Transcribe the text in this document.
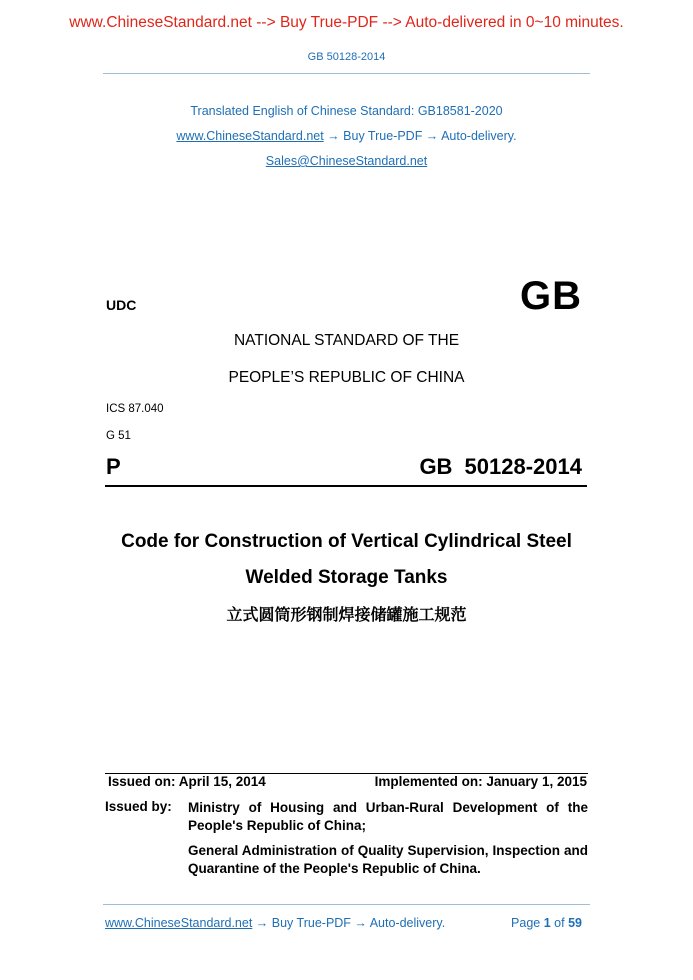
www.ChineseStandard.net --> Buy True-PDF --> Auto-delivered in 0~10 minutes.
GB 50128-2014
Translated English of Chinese Standard: GB18581-2020
www.ChineseStandard.net → Buy True-PDF → Auto-delivery.
Sales@ChineseStandard.net
UDC	GB
NATIONAL STANDARD OF THE
PEOPLE’S REPUBLIC OF CHINA
ICS 87.040
G 51
P	GB 50128-2014
Code for Construction of Vertical Cylindrical Steel
Welded Storage Tanks
立式圆筒形钢制焊接储罐施工规范
Issued on: April 15, 2014	Implemented on: January 1, 2015
Issued by: Ministry of Housing and Urban-Rural Development of the People's Republic of China;
General Administration of Quality Supervision, Inspection and Quarantine of the People's Republic of China.
www.ChineseStandard.net → Buy True-PDF → Auto-delivery.	Page 1 of 59
